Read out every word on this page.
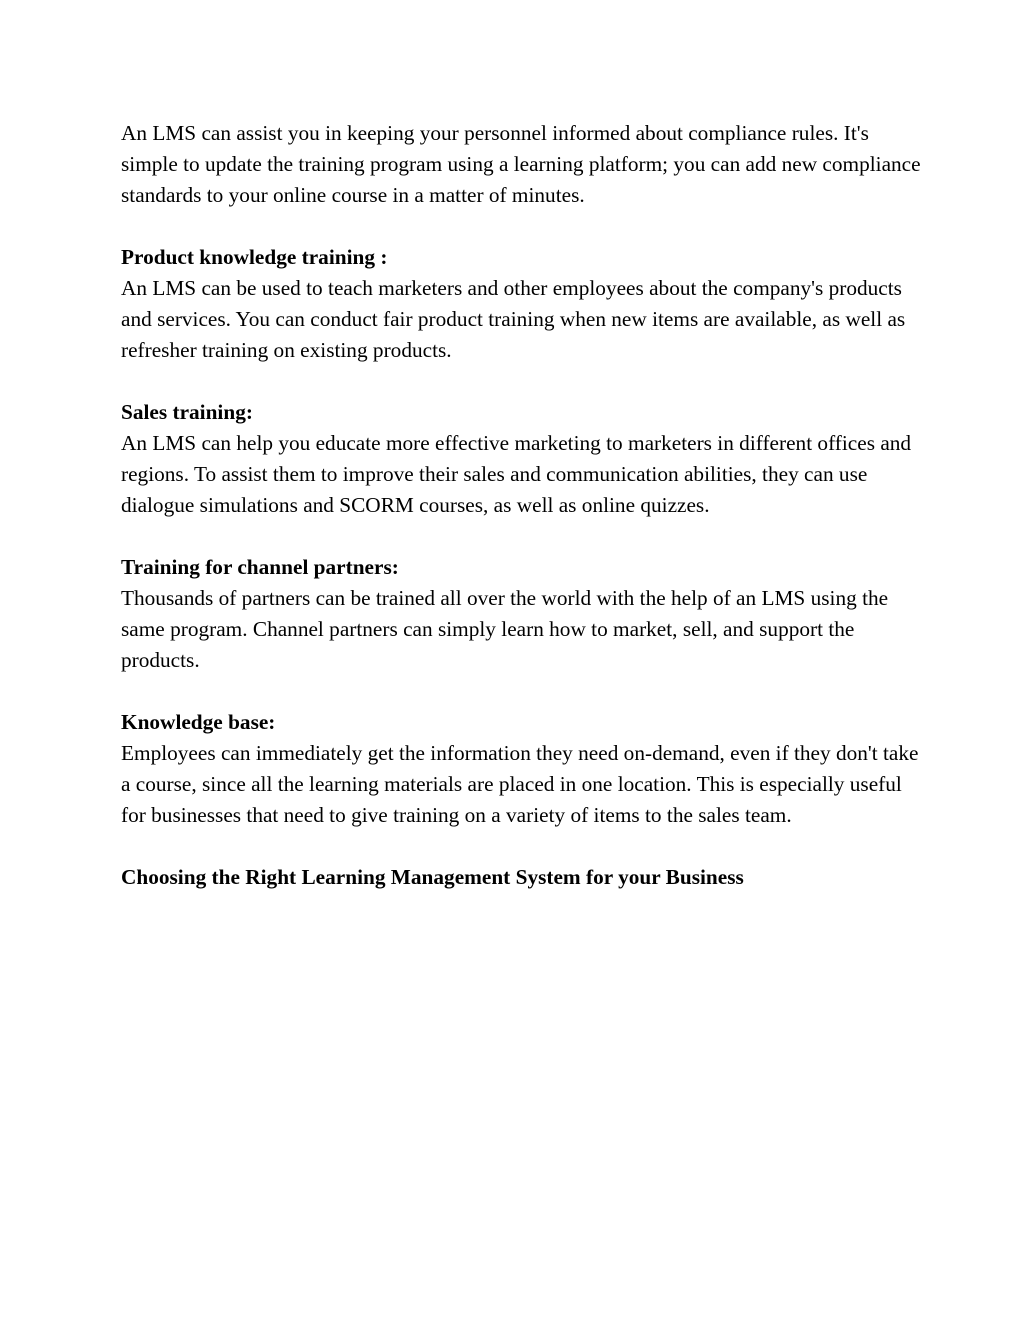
An LMS can assist you in keeping your personnel informed about compliance rules. It's simple to update the training program using a learning platform; you can add new compliance standards to your online course in a matter of minutes.

Product knowledge training :
An LMS can be used to teach marketers and other employees about the company's products and services. You can conduct fair product training when new items are available, as well as refresher training on existing products.
Sales training:
An LMS can help you educate more effective marketing to marketers in different offices and regions. To assist them to improve their sales and communication abilities, they can use dialogue simulations and SCORM courses, as well as online quizzes.
Training for channel partners:
Thousands of partners can be trained all over the world with the help of an LMS using the same program. Channel partners can simply learn how to market, sell, and support the products.
Knowledge base:
Employees can immediately get the information they need on-demand, even if they don't take a course, since all the learning materials are placed in one location. This is especially useful for businesses that need to give training on a variety of items to the sales team.

Choosing the Right Learning Management System for your Business
